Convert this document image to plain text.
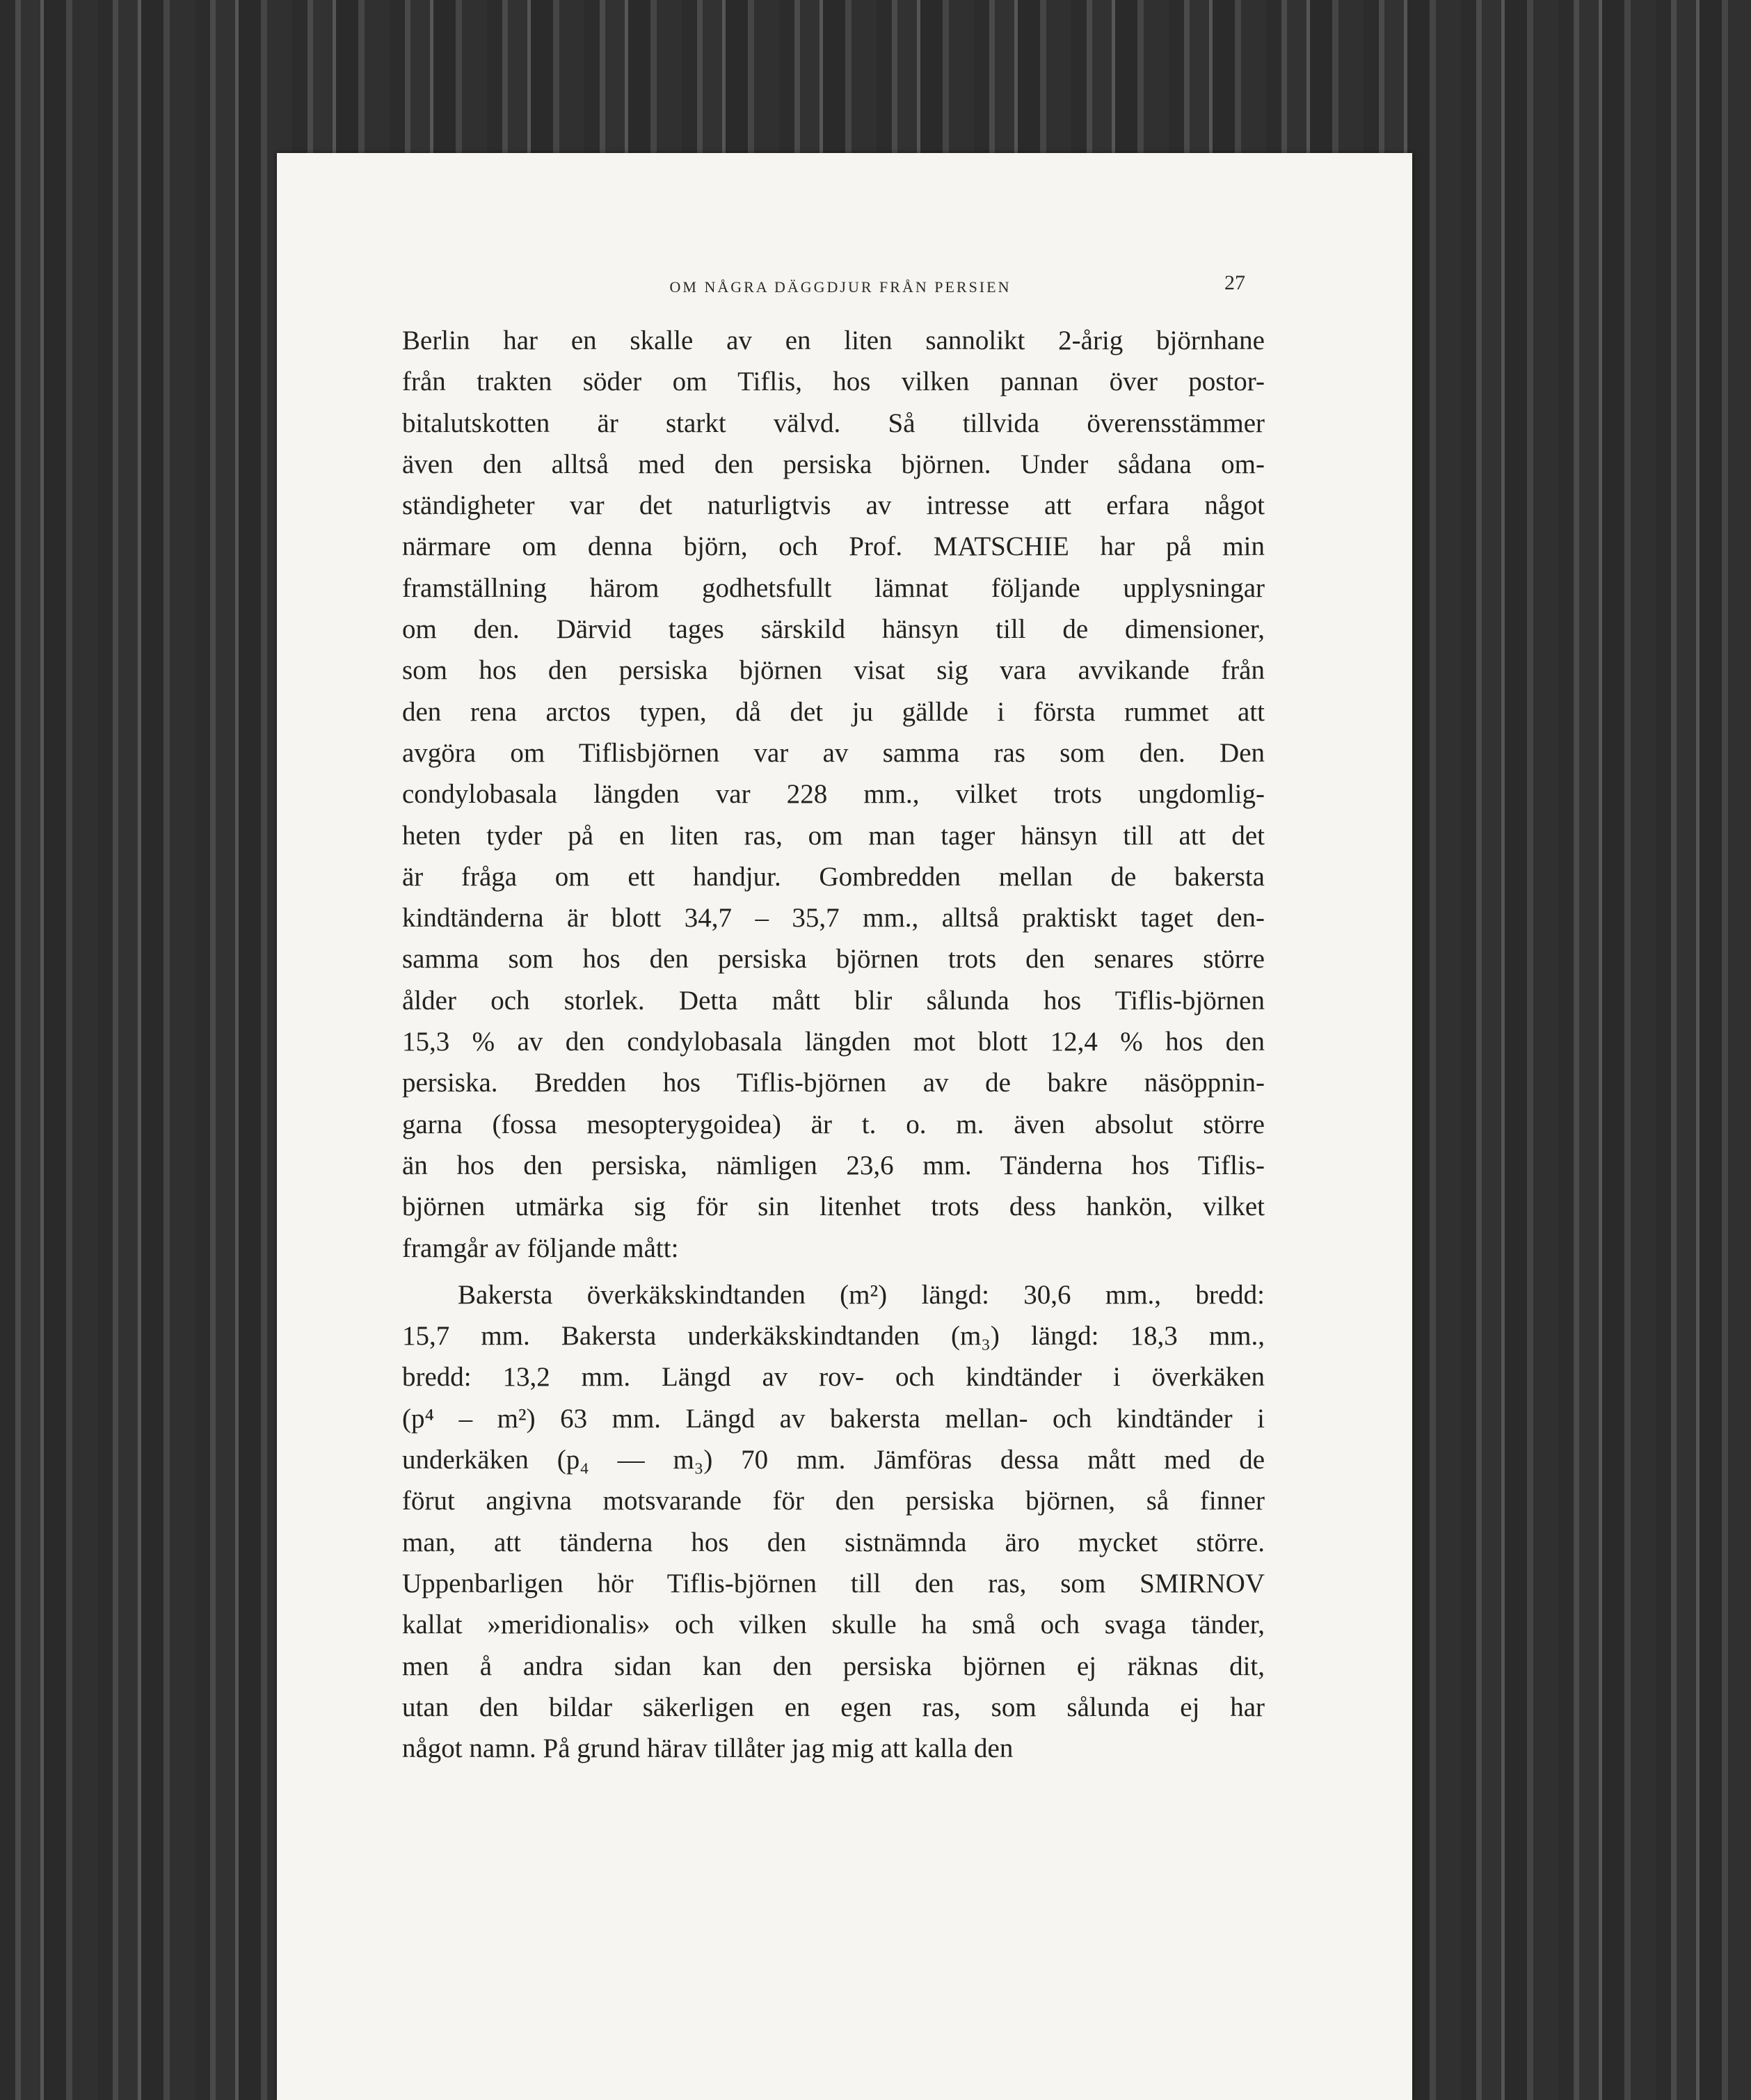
OM NÅGRA DÄGGDJUR FRÅN PERSIEN	27
Berlin har en skalle av en liten sannolikt 2-årig björnhane
från trakten söder om Tiflis, hos vilken pannan över postor-
bitalutskotten är starkt välvd. Så tillvida överensstämmer
även den alltså med den persiska björnen. Under sådana om-
ständigheter var det naturligtvis av intresse att erfara något
närmare om denna björn, och Prof. MATSCHIE har på min
framställning härom godhetsfullt lämnat följande upplysningar
om den. Därvid tages särskild hänsyn till de dimensioner,
som hos den persiska björnen visat sig vara avvikande från
den rena arctos typen, då det ju gällde i första rummet att
avgöra om Tiflisbjörnen var av samma ras som den. Den
condylobasala längden var 228 mm., vilket trots ungdomlig-
heten tyder på en liten ras, om man tager hänsyn till att det
är fråga om ett handjur. Gombredden mellan de bakersta
kindtänderna är blott 34,7 – 35,7 mm., alltså praktiskt taget den-
samma som hos den persiska björnen trots den senares större
ålder och storlek. Detta mått blir sålunda hos Tiflis-björnen
15,3 % av den condylobasala längden mot blott 12,4 % hos den
persiska. Bredden hos Tiflis-björnen av de bakre näsöppnin-
garna (fossa mesopterygoidea) är t. o. m. även absolut större
än hos den persiska, nämligen 23,6 mm. Tänderna hos Tiflis-
björnen utmärka sig för sin litenhet trots dess hankön, vilket
framgår av följande mått:
Bakersta överkäkskindtanden (m²) längd: 30,6 mm., bredd:
15,7 mm. Bakersta underkäkskindtanden (m₃) längd: 18,3 mm.,
bredd: 13,2 mm. Längd av rov- och kindtänder i överkäken
(p⁴ – m²) 63 mm. Längd av bakersta mellan- och kindtänder i
underkäken (p₄ — m₃) 70 mm. Jämföras dessa mått med de
förut angivna motsvarande för den persiska björnen, så finner
man, att tänderna hos den sistnämnda äro mycket större.
Uppenbarligen hör Tiflis-björnen till den ras, som SMIRNOV
kallat »meridionalis» och vilken skulle ha små och svaga tänder,
men å andra sidan kan den persiska björnen ej räknas dit,
utan den bildar säkerligen en egen ras, som sålunda ej har
något namn. På grund härav tillåter jag mig att kalla den
